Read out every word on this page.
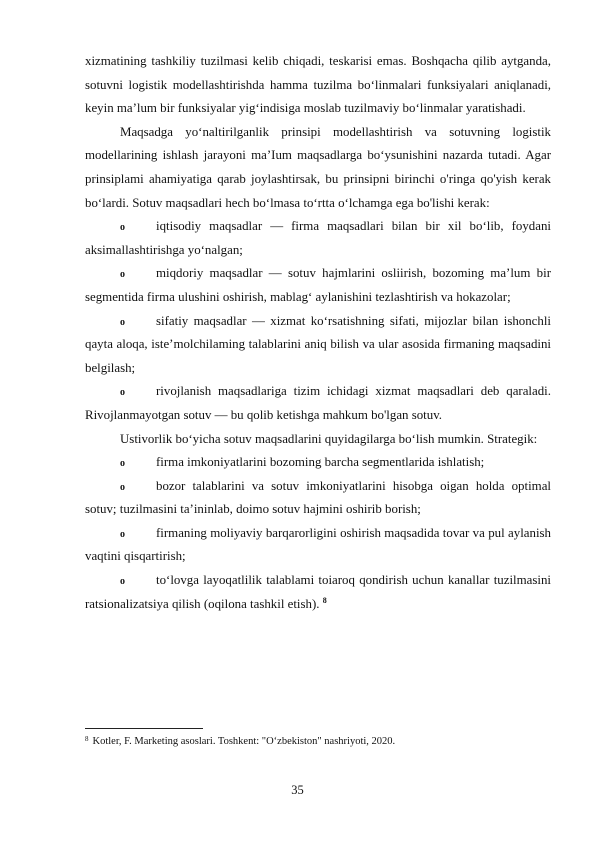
xizmatining tashkiliy tuzilmasi kelib chiqadi, teskarisi emas. Boshqacha qilib aytganda, sotuvni logistik modellashtirishda hamma tuzilma bo‘linmalari funksiyalari aniqlanadi, keyin ma’lum bir funksiyalar yig‘indisiga moslab tuzilmaviy bo‘linmalar yaratishadi.

Maqsadga yo‘naltirilganlik prinsipi modellashtirish va sotuvning logistik modellarining ishlash jarayoni ma’Ium maqsadlarga bo‘ysunishini nazarda tutadi. Agar prinsiplami ahamiyatiga qarab joylashtirsak, bu prinsipni birinchi o'ringa qo'yish kerak bo‘lardi. Sotuv maqsadlari hech bo‘lmasa to‘rtta o‘lchamga ega bo'lishi kerak:

o iqtisodiy maqsadlar — firma maqsadlari bilan bir xil bo‘lib, foydani aksimallashtirishga yo‘nalgan;

o miqdoriy maqsadlar — sotuv hajmlarini osliirish, bozoming ma’lum bir segmentida firma ulushini oshirish, mablag‘ aylanishini tezlashtirish va hokazolar;

o sifatiy maqsadlar — xizmat ko‘rsatishning sifati, mijozlar bilan ishonchli qayta aloqa, iste’molchilaming talablarini aniq bilish va ular asosida firmaning maqsadini belgilash;

o rivojlanish maqsadlariga tizim ichidagi xizmat maqsadlari deb qaraladi. Rivojlanmayotgan sotuv — bu qolib ketishga mahkum bo'lgan sotuv.

Ustivorlik bo‘yicha sotuv maqsadlarini quyidagilarga bo‘lish mumkin. Strategik:

o firma imkoniyatlarini bozoming barcha segmentlarida ishlatish;

o bozor talablarini va sotuv imkoniyatlarini hisobga oigan holda optimal sotuv; tuzilmasini ta’ininlab, doimo sotuv hajmini oshirib borish;

o firmaning moliyaviy barqarorligini oshirish maqsadida tovar va pul aylanish vaqtini qisqartirish;

o to‘lovga layoqatlilik talablami toiaroq qondirish uchun kanallar tuzilmasini ratsionalizatsiya qilish (oqilona tashkil etish). $^8$

$^8$ Kotler, F. Marketing asoslari. Toshkent: "O‘zbekiston" nashriyoti, 2020.
35
